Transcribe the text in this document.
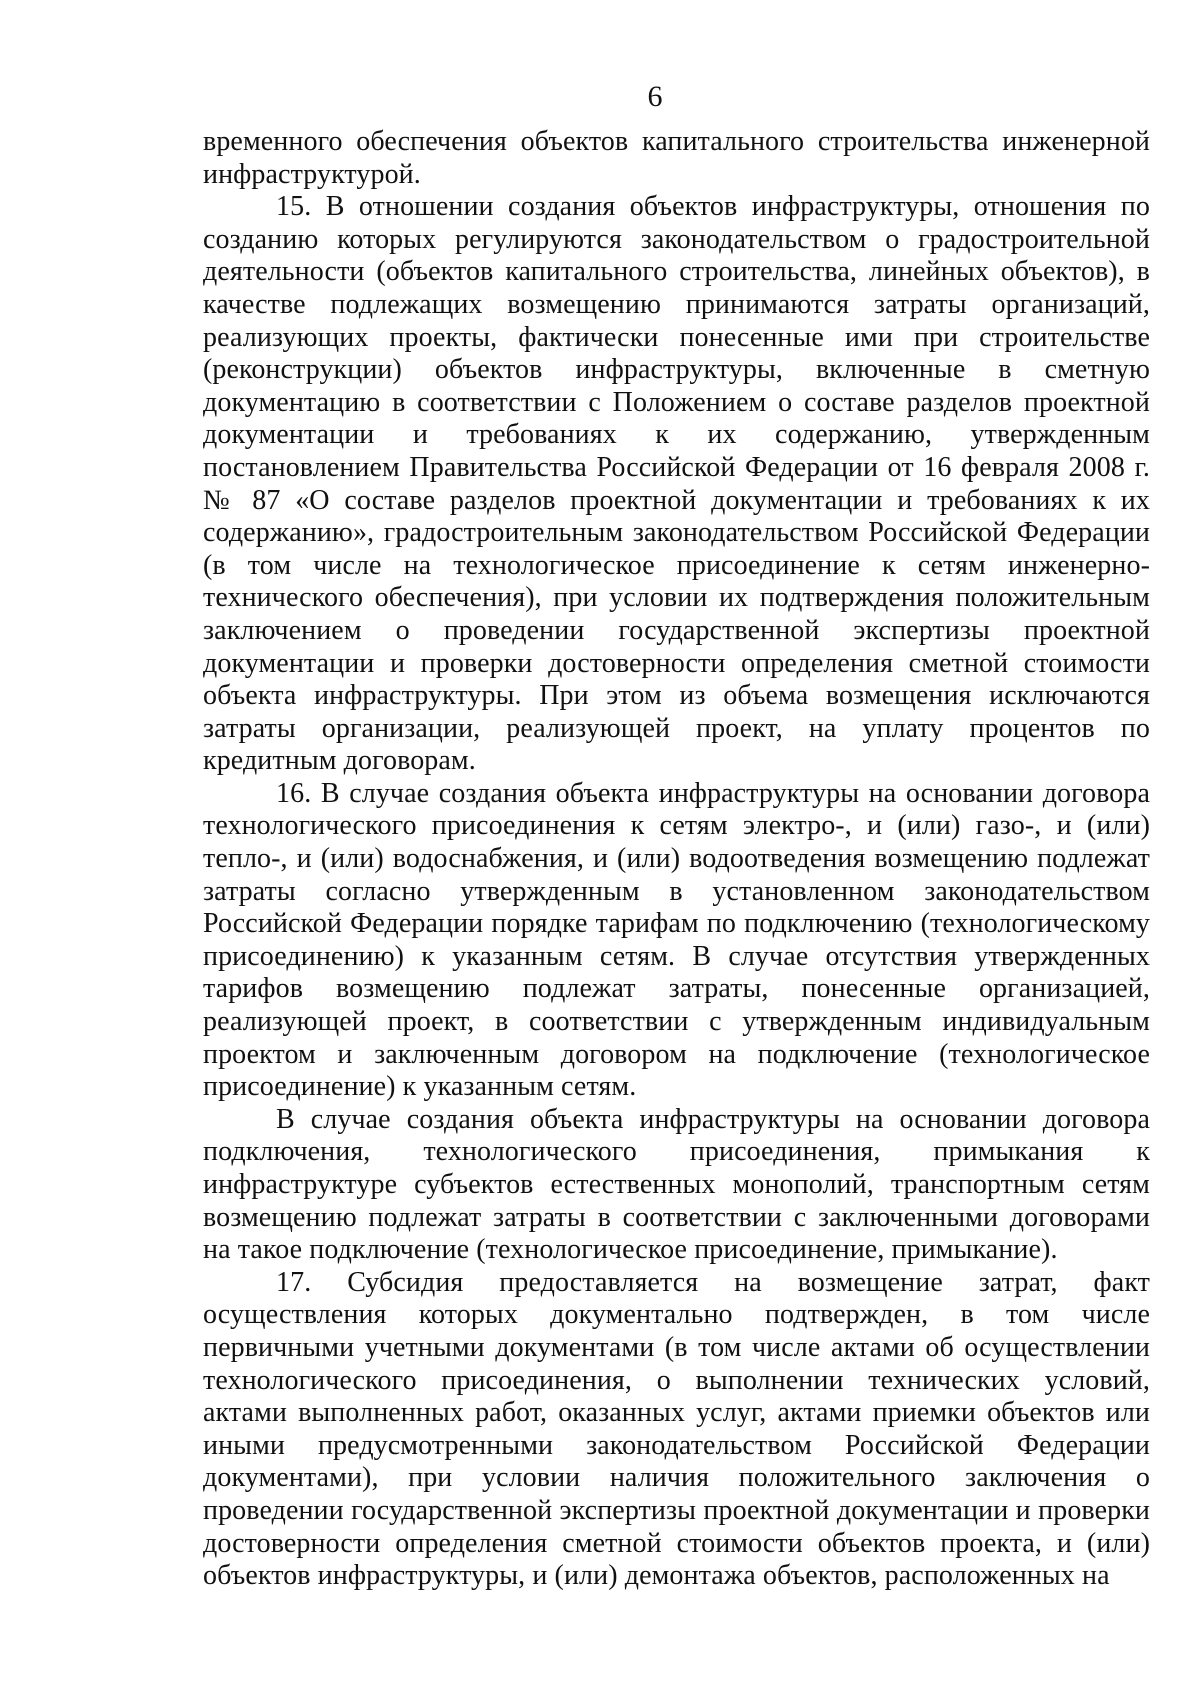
6

временного обеспечения объектов капитального строительства инженерной инфраструктурой.

15. В отношении создания объектов инфраструктуры, отношения по созданию которых регулируются законодательством о градостроительной деятельности (объектов капитального строительства, линейных объектов), в качестве подлежащих возмещению принимаются затраты организаций, реализующих проекты, фактически понесенные ими при строительстве (реконструкции) объектов инфраструктуры, включенные в сметную документацию в соответствии с Положением о составе разделов проектной документации и требованиях к их содержанию, утвержденным постановлением Правительства Российской Федерации от 16 февраля 2008 г. № 87 «О составе разделов проектной документации и требованиях к их содержанию», градостроительным законодательством Российской Федерации (в том числе на технологическое присоединение к сетям инженерно-технического обеспечения), при условии их подтверждения положительным заключением о проведении государственной экспертизы проектной документации и проверки достоверности определения сметной стоимости объекта инфраструктуры. При этом из объема возмещения исключаются затраты организации, реализующей проект, на уплату процентов по кредитным договорам.

16. В случае создания объекта инфраструктуры на основании договора технологического присоединения к сетям электро-, и (или) газо-, и (или) тепло-, и (или) водоснабжения, и (или) водоотведения возмещению подлежат затраты согласно утвержденным в установленном законодательством Российской Федерации порядке тарифам по подключению (технологическому присоединению) к указанным сетям. В случае отсутствия утвержденных тарифов возмещению подлежат затраты, понесенные организацией, реализующей проект, в соответствии с утвержденным индивидуальным проектом и заключенным договором на подключение (технологическое присоединение) к указанным сетям.

В случае создания объекта инфраструктуры на основании договора подключения, технологического присоединения, примыкания к инфраструктуре субъектов естественных монополий, транспортным сетям возмещению подлежат затраты в соответствии с заключенными договорами на такое подключение (технологическое присоединение, примыкание).

17. Субсидия предоставляется на возмещение затрат, факт осуществления которых документально подтвержден, в том числе первичными учетными документами (в том числе актами об осуществлении технологического присоединения, о выполнении технических условий, актами выполненных работ, оказанных услуг, актами приемки объектов или иными предусмотренными законодательством Российской Федерации документами), при условии наличия положительного заключения о проведении государственной экспертизы проектной документации и проверки достоверности определения сметной стоимости объектов проекта, и (или) объектов инфраструктуры, и (или) демонтажа объектов, расположенных на
